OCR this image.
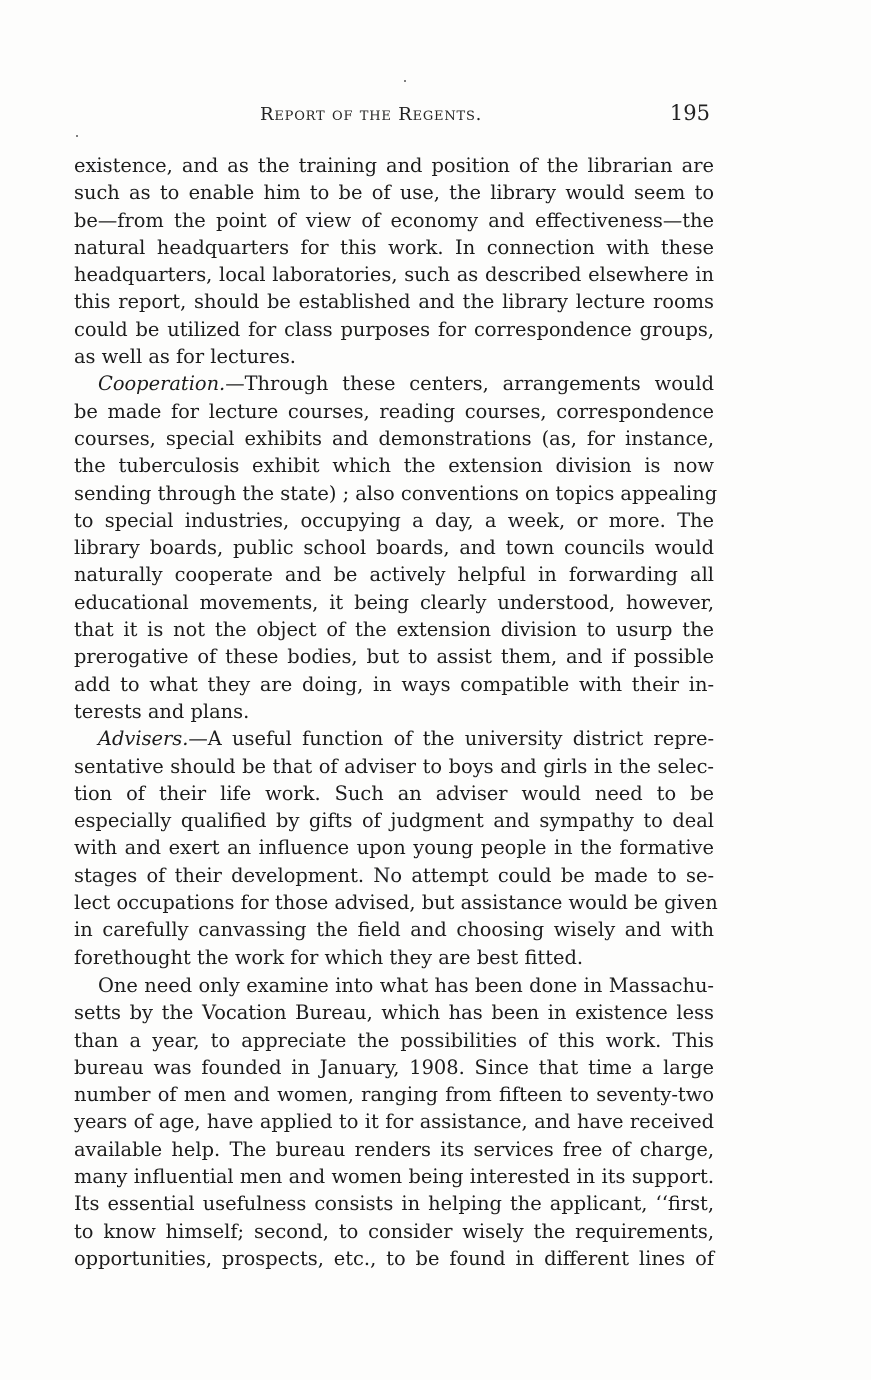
Report of the Regents.	195
existence, and as the training and position of the librarian are
such as to enable him to be of use, the library would seem to
be—from the point of view of economy and effectiveness—the
natural headquarters for this work. In connection with these
headquarters, local laboratories, such as described elsewhere in
this report, should be established and the library lecture rooms
could be utilized for class purposes for correspondence groups,
as well as for lectures.
Cooperation.—Through these centers, arrangements would
be made for lecture courses, reading courses, correspondence
courses, special exhibits and demonstrations (as, for instance,
the tuberculosis exhibit which the extension division is now
sending through the state) ; also conventions on topics appealing
to special industries, occupying a day, a week, or more. The
library boards, public school boards, and town councils would
naturally cooperate and be actively helpful in forwarding all
educational movements, it being clearly understood, however,
that it is not the object of the extension division to usurp the
prerogative of these bodies, but to assist them, and if possible
add to what they are doing, in ways compatible with their in-
terests and plans.
Advisers.—A useful function of the university district repre-
sentative should be that of adviser to boys and girls in the selec-
tion of their life work. Such an adviser would need to be
especially qualified by gifts of judgment and sympathy to deal
with and exert an influence upon young people in the formative
stages of their development. No attempt could be made to se-
lect occupations for those advised, but assistance would be given
in carefully canvassing the field and choosing wisely and with
forethought the work for which they are best fitted.
One need only examine into what has been done in Massachu-
setts by the Vocation Bureau, which has been in existence less
than a year, to appreciate the possibilities of this work. This
bureau was founded in January, 1908. Since that time a large
number of men and women, ranging from fifteen to seventy-two
years of age, have applied to it for assistance, and have received
available help. The bureau renders its services free of charge,
many influential men and women being interested in its support.
Its essential usefulness consists in helping the applicant, ‘‘first,
to know himself; second, to consider wisely the requirements,
opportunities, prospects, etc., to be found in different lines of
